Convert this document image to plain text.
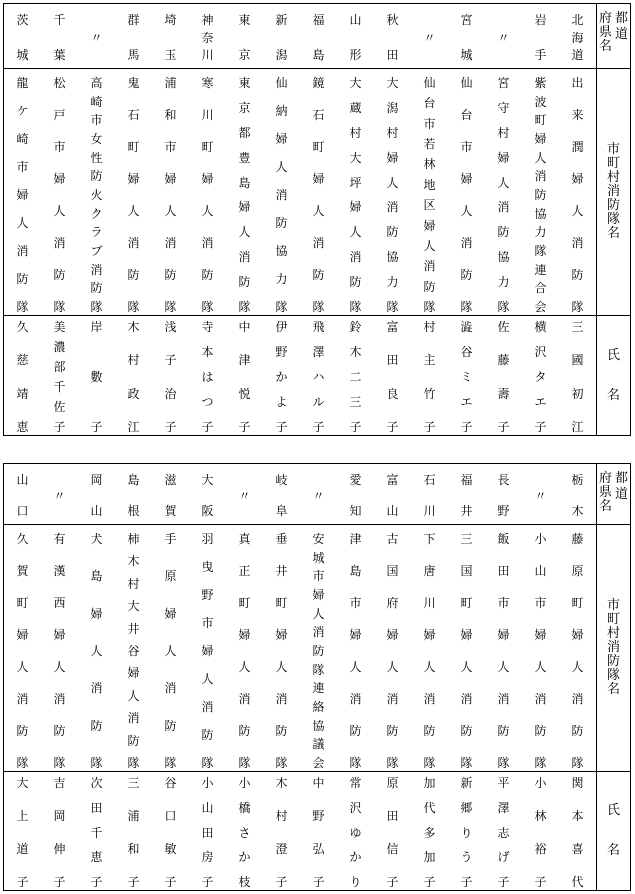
茨
城
千
葉
〃
群
馬
埼
玉
神
奈
川
東
京
新
潟
福
島
山
形
秋
田
〃
宮
城
〃
岩
手
北
海
道
府
県
名
都
道
龍
ケ
崎
市
婦
人
消
防
隊
松
戸
市
婦
人
消
防
隊
高
崎
市
女
性
防
火
ク
ラ
ブ
消
防
隊
鬼
石
町
婦
人
消
防
隊
浦
和
市
婦
人
消
防
隊
寒
川
町
婦
人
消
防
隊
東
京
都
豊
島
婦
人
消
防
隊
仙
納
婦
人
消
防
協
力
隊
鏡
石
町
婦
人
消
防
隊
大
蔵
村
大
坪
婦
人
消
防
隊
大
潟
村
婦
人
消
防
協
力
隊
仙
台
市
若
林
地
区
婦
人
消
防
隊
仙
台
市
婦
人
消
防
隊
宮
守
村
婦
人
消
防
協
力
隊
紫
波
町
婦
人
消
防
協
力
隊
連
合
会
出
来
潤
婦
人
消
防
隊
市
町
村
消
防
隊
名
久
慈
靖
恵
美
濃
部
千
佐
子
岸
數
子
木
村
政
江
浅
子
治
子
寺
本
は
つ
子
中
津
悦
子
伊
野
か
よ
子
飛
澤
ハ
ル
子
鈴
木
二
三
子
富
田
良
子
村
主
竹
子
澁
谷
ミ
エ
子
佐
藤
壽
子
横
沢
タ
エ
子
三
國
初
江
氏
名
山
口
〃
岡
山
島
根
滋
賀
大
阪
〃
岐
阜
〃
愛
知
富
山
石
川
福
井
長
野
〃
栃
木
府
県
名
都
道
久
賀
町
婦
人
消
防
隊
有
漢
西
婦
人
消
防
隊
犬
島
婦
人
消
防
隊
柿
木
村
大
井
谷
婦
人
消
防
隊
手
原
婦
人
消
防
隊
羽
曳
野
市
婦
人
消
防
隊
真
正
町
婦
人
消
防
隊
垂
井
町
婦
人
消
防
隊
安
城
市
婦
人
消
防
隊
連
絡
協
議
会
津
島
市
婦
人
消
防
隊
古
国
府
婦
人
消
防
隊
下
唐
川
婦
人
消
防
隊
三
国
町
婦
人
消
防
隊
飯
田
市
婦
人
消
防
隊
小
山
市
婦
人
消
防
隊
藤
原
町
婦
人
消
防
隊
市
町
村
消
防
隊
名
大
上
道
子
吉
岡
伸
子
次
田
千
恵
子
三
浦
和
子
谷
口
敏
子
小
山
田
房
子
小
橋
さ
か
枝
木
村
澄
子
中
野
弘
子
常
沢
ゆ
か
り
原
田
信
子
加
代
多
加
子
新
郷
り
う
子
平
澤
志
げ
子
小
林
裕
子
関
本
喜
代
氏
名
